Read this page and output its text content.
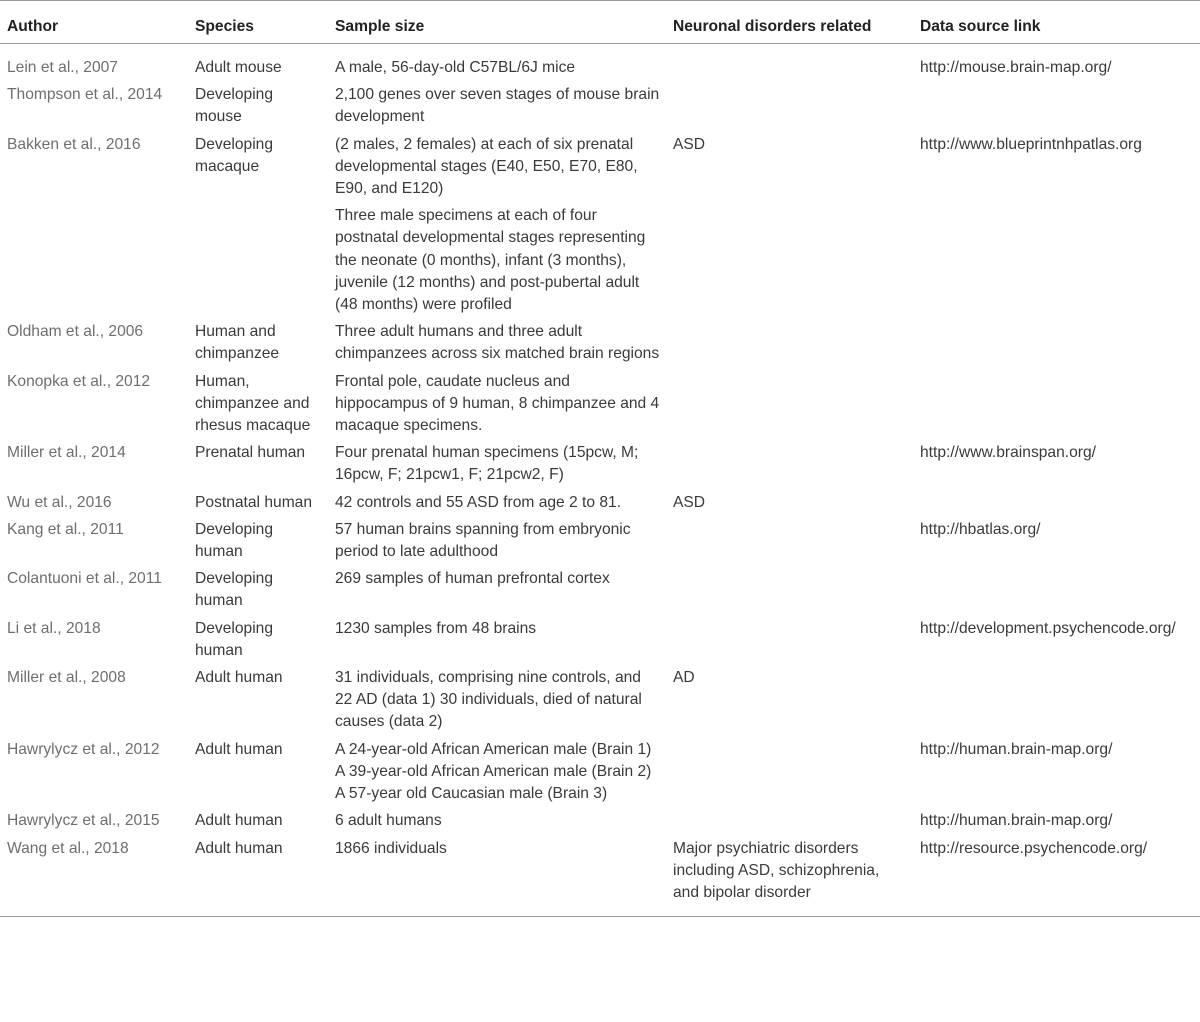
Author	Species	Sample size	Neuronal disorders related	Data source link
Lein et al., 2007	Adult mouse	A male, 56-day-old C57BL/6J mice		http://mouse.brain-map.org/
Thompson et al., 2014	Developing mouse	2,100 genes over seven stages of mouse brain development		
Bakken et al., 2016	Developing macaque	(2 males, 2 females) at each of six prenatal developmental stages (E40, E50, E70, E80, E90, and E120)	ASD	http://www.blueprintnhpatlas.org
		Three male specimens at each of four postnatal developmental stages representing the neonate (0 months), infant (3 months), juvenile (12 months) and post-pubertal adult (48 months) were profiled		
Oldham et al., 2006	Human and chimpanzee	Three adult humans and three adult chimpanzees across six matched brain regions		
Konopka et al., 2012	Human, chimpanzee and rhesus macaque	Frontal pole, caudate nucleus and hippocampus of 9 human, 8 chimpanzee and 4 macaque specimens.		
Miller et al., 2014	Prenatal human	Four prenatal human specimens (15pcw, M; 16pcw, F; 21pcw1, F; 21pcw2, F)		http://www.brainspan.org/
Wu et al., 2016	Postnatal human	42 controls and 55 ASD from age 2 to 81.	ASD	
Kang et al., 2011	Developing human	57 human brains spanning from embryonic period to late adulthood		http://hbatlas.org/
Colantuoni et al., 2011	Developing human	269 samples of human prefrontal cortex		
Li et al., 2018	Developing human	1230 samples from 48 brains		http://development.psychencode.org/
Miller et al., 2008	Adult human	31 individuals, comprising nine controls, and 22 AD (data 1) 30 individuals, died of natural causes (data 2)	AD	
Hawrylycz et al., 2012	Adult human	A 24-year-old African American male (Brain 1) A 39-year-old African American male (Brain 2) A 57-year old Caucasian male (Brain 3)		http://human.brain-map.org/
Hawrylycz et al., 2015	Adult human	6 adult humans		http://human.brain-map.org/
Wang et al., 2018	Adult human	1866 individuals	Major psychiatric disorders including ASD, schizophrenia, and bipolar disorder	http://resource.psychencode.org/
